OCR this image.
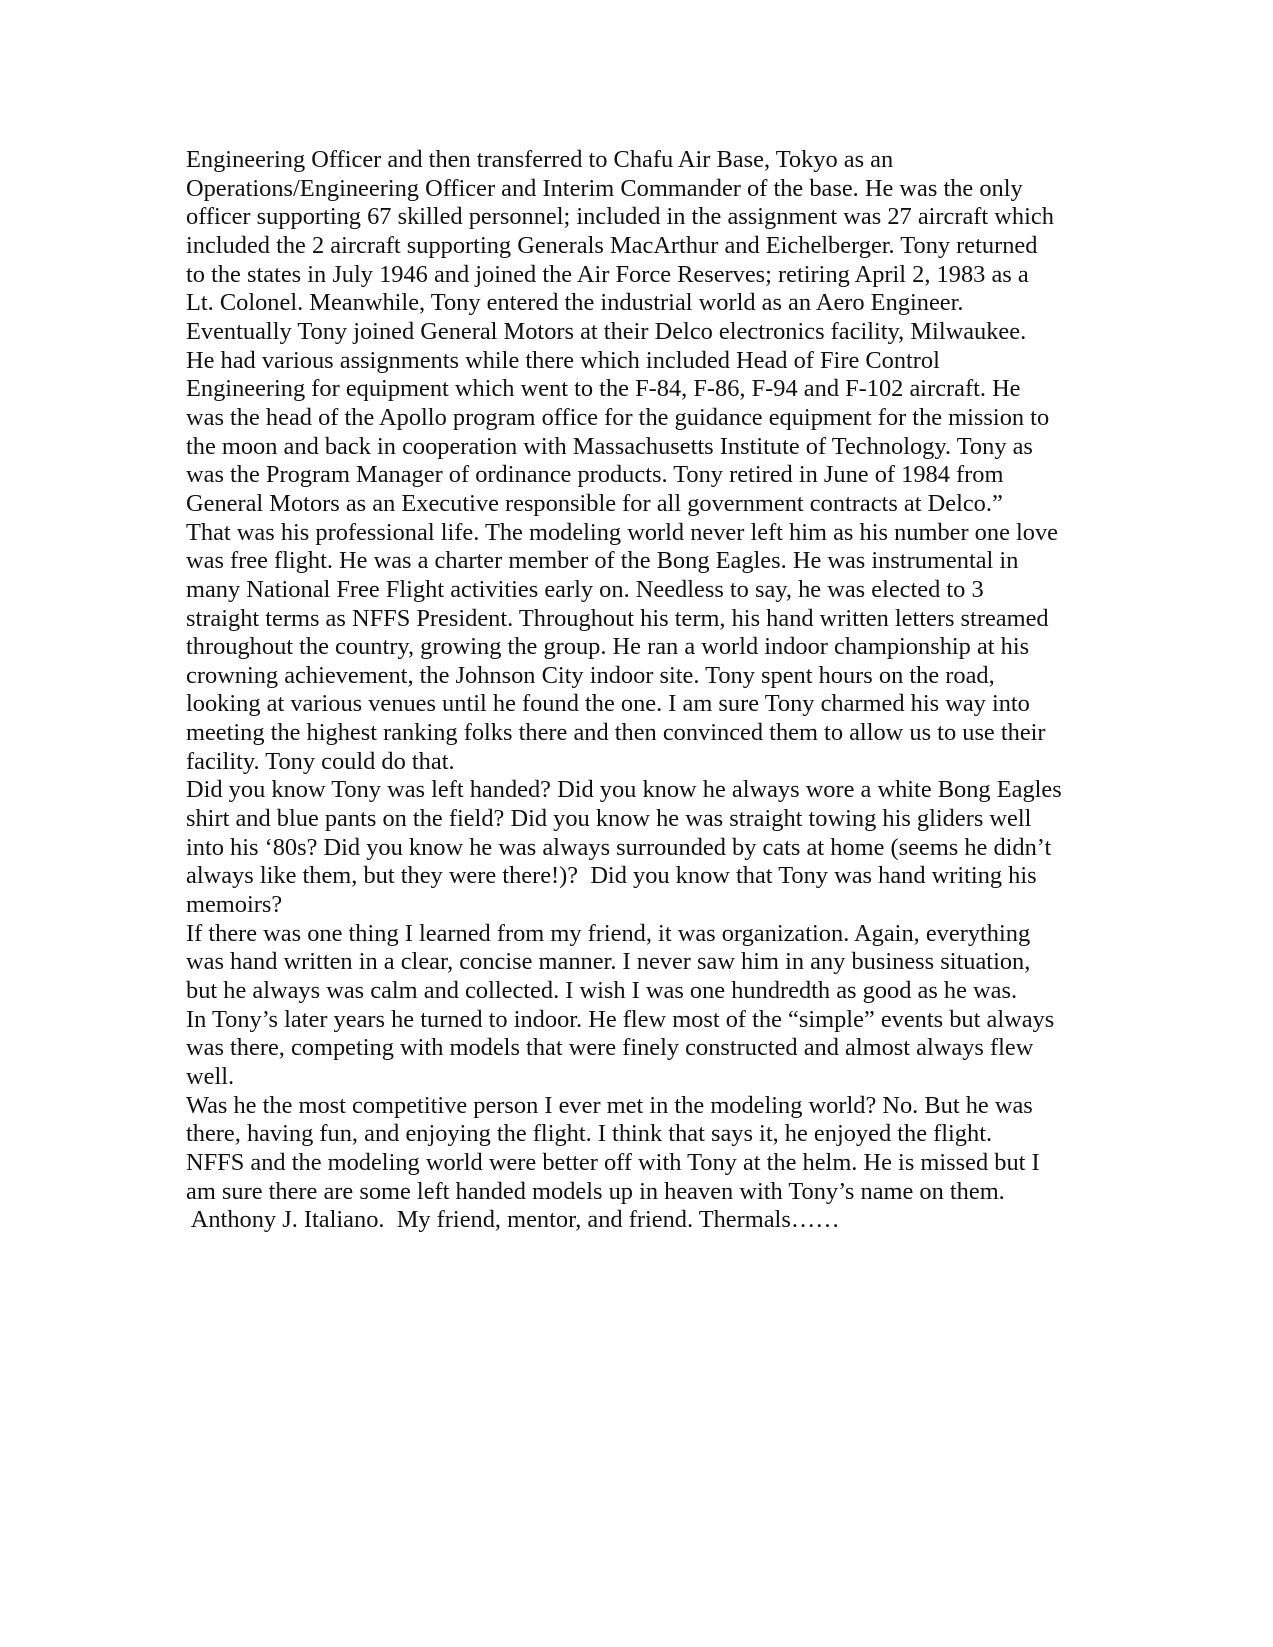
Engineering Officer and then transferred to Chafu Air Base, Tokyo as an
Operations/Engineering Officer and Interim Commander of the base. He was the only
officer supporting 67 skilled personnel; included in the assignment was 27 aircraft which
included the 2 aircraft supporting Generals MacArthur and Eichelberger. Tony returned
to the states in July 1946 and joined the Air Force Reserves; retiring April 2, 1983 as a
Lt. Colonel. Meanwhile, Tony entered the industrial world as an Aero Engineer.
Eventually Tony joined General Motors at their Delco electronics facility, Milwaukee.
He had various assignments while there which included Head of Fire Control
Engineering for equipment which went to the F-84, F-86, F-94 and F-102 aircraft. He
was the head of the Apollo program office for the guidance equipment for the mission to
the moon and back in cooperation with Massachusetts Institute of Technology. Tony as
was the Program Manager of ordinance products. Tony retired in June of 1984 from
General Motors as an Executive responsible for all government contracts at Delco.”
That was his professional life. The modeling world never left him as his number one love
was free flight. He was a charter member of the Bong Eagles. He was instrumental in
many National Free Flight activities early on. Needless to say, he was elected to 3
straight terms as NFFS President. Throughout his term, his hand written letters streamed
throughout the country, growing the group. He ran a world indoor championship at his
crowning achievement, the Johnson City indoor site. Tony spent hours on the road,
looking at various venues until he found the one. I am sure Tony charmed his way into
meeting the highest ranking folks there and then convinced them to allow us to use their
facility. Tony could do that.
Did you know Tony was left handed? Did you know he always wore a white Bong Eagles
shirt and blue pants on the field? Did you know he was straight towing his gliders well
into his ‘80s? Did you know he was always surrounded by cats at home (seems he didn’t
always like them, but they were there!)?  Did you know that Tony was hand writing his
memoirs?
If there was one thing I learned from my friend, it was organization. Again, everything
was hand written in a clear, concise manner. I never saw him in any business situation,
but he always was calm and collected. I wish I was one hundredth as good as he was.
In Tony’s later years he turned to indoor. He flew most of the “simple” events but always
was there, competing with models that were finely constructed and almost always flew
well.
Was he the most competitive person I ever met in the modeling world? No. But he was
there, having fun, and enjoying the flight. I think that says it, he enjoyed the flight.
NFFS and the modeling world were better off with Tony at the helm. He is missed but I
am sure there are some left handed models up in heaven with Tony’s name on them.
Anthony J. Italiano.  My friend, mentor, and friend. Thermals……
